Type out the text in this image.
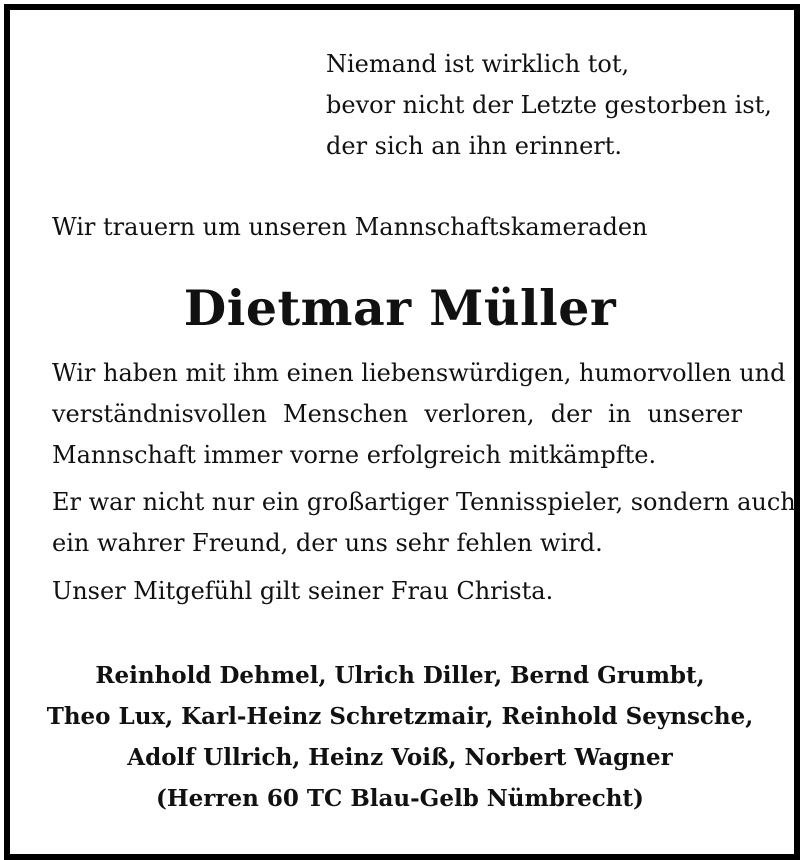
Niemand ist wirklich tot,
bevor nicht der Letzte gestorben ist,
der sich an ihn erinnert.
Wir trauern um unseren Mannschaftskameraden
Dietmar Müller
Wir haben mit ihm einen liebenswürdigen, humorvollen und
verständnisvollen Menschen verloren, der in unserer
Mannschaft immer vorne erfolgreich mitkämpfte.
Er war nicht nur ein großartiger Tennisspieler, sondern auch
ein wahrer Freund, der uns sehr fehlen wird.
Unser Mitgefühl gilt seiner Frau Christa.
Reinhold Dehmel, Ulrich Diller, Bernd Grumbt,
Theo Lux, Karl-Heinz Schretzmair, Reinhold Seynsche,
Adolf Ullrich, Heinz Voiß, Norbert Wagner
(Herren 60 TC Blau-Gelb Nümbrecht)
